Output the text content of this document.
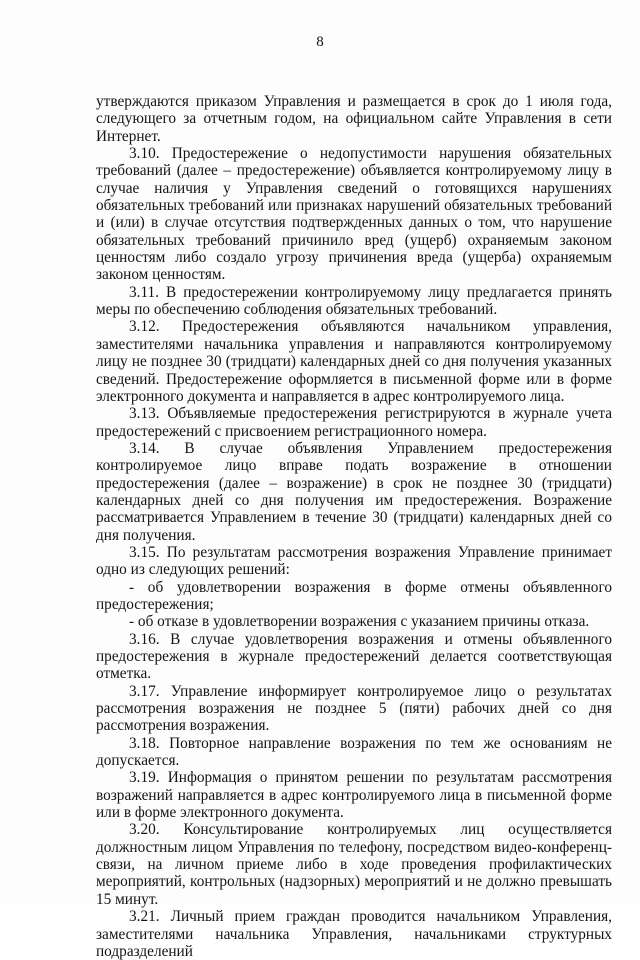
8

утверждаются приказом Управления и размещается в срок до 1 июля года, следующего за отчетным годом, на официальном сайте Управления в сети Интернет.

3.10. Предостережение о недопустимости нарушения обязательных требований (далее – предостережение) объявляется контролируемому лицу в случае наличия у Управления сведений о готовящихся нарушениях обязательных требований или признаках нарушений обязательных требований и (или) в случае отсутствия подтвержденных данных о том, что нарушение обязательных требований причинило вред (ущерб) охраняемым законом ценностям либо создало угрозу причинения вреда (ущерба) охраняемым законом ценностям.

3.11. В предостережении контролируемому лицу предлагается принять меры по обеспечению соблюдения обязательных требований.

3.12. Предостережения объявляются начальником управления, заместителями начальника управления и направляются контролируемому лицу не позднее 30 (тридцати) календарных дней со дня получения указанных сведений. Предостережение оформляется в письменной форме или в форме электронного документа и направляется в адрес контролируемого лица.

3.13. Объявляемые предостережения регистрируются в журнале учета предостережений с присвоением регистрационного номера.

3.14. В случае объявления Управлением предостережения контролируемое лицо вправе подать возражение в отношении предостережения (далее – возражение) в срок не позднее 30 (тридцати) календарных дней со дня получения им предостережения. Возражение рассматривается Управлением в течение 30 (тридцати) календарных дней со дня получения.

3.15. По результатам рассмотрения возражения Управление принимает одно из следующих решений:

- об удовлетворении возражения в форме отмены объявленного предостережения;

- об отказе в удовлетворении возражения с указанием причины отказа.

3.16. В случае удовлетворения возражения и отмены объявленного предостережения в журнале предостережений делается соответствующая отметка.

3.17. Управление информирует контролируемое лицо о результатах рассмотрения возражения не позднее 5 (пяти) рабочих дней со дня рассмотрения возражения.

3.18. Повторное направление возражения по тем же основаниям не допускается.

3.19. Информация о принятом решении по результатам рассмотрения возражений направляется в адрес контролируемого лица в письменной форме или в форме электронного документа.

3.20. Консультирование контролируемых лиц осуществляется должностным лицом Управления по телефону, посредством видео-конференц-связи, на личном приеме либо в ходе проведения профилактических мероприятий, контрольных (надзорных) мероприятий и не должно превышать 15 минут.

3.21. Личный прием граждан проводится начальником Управления, заместителями начальника Управления, начальниками структурных подразделений
